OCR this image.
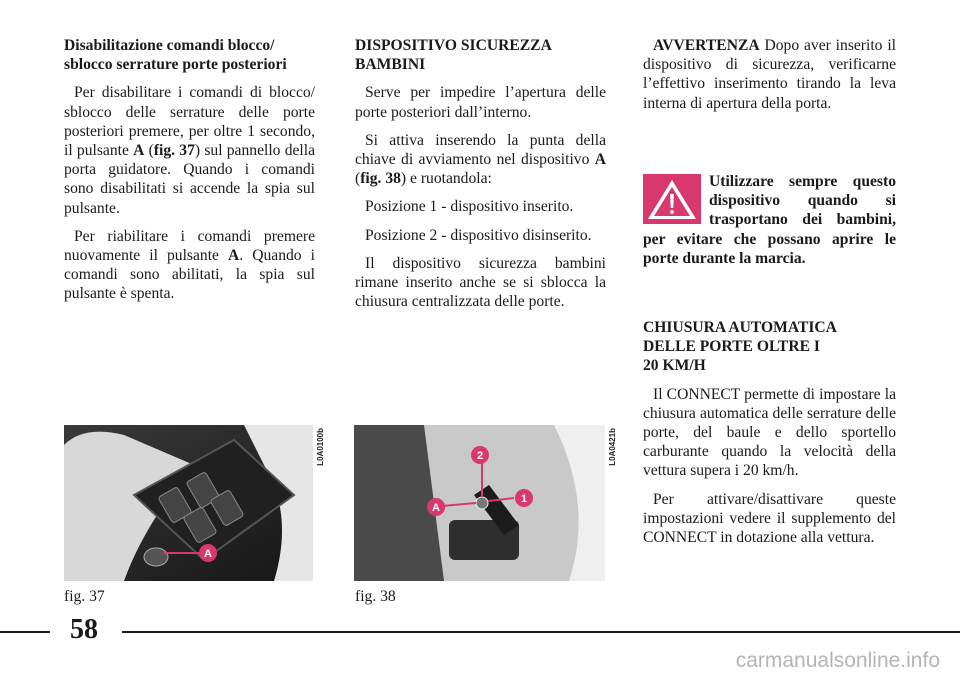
Disabilitazione comandi blocco/
sblocco serrature porte posteriori

Per disabilitare i comandi di blocco/ sblocco delle serrature delle porte posteriori premere, per oltre 1 secondo, il pulsante A (fig. 37) sul pannello della porta guidatore. Quando i comandi sono disabilitati si accende la spia sul pulsante.

Per riabilitare i comandi premere nuovamente il pulsante A. Quando i comandi sono abilitati, la spia sul pulsante è spenta.

DISPOSITIVO SICUREZZA
BAMBINI

Serve per impedire l’apertura delle porte posteriori dall’interno.

Si attiva inserendo la punta della chiave di avviamento nel dispositivo A (fig. 38) e ruotandola:

Posizione 1 - dispositivo inserito.

Posizione 2 - dispositivo disinserito.

Il dispositivo sicurezza bambini rimane inserito anche se si sblocca la chiusura centralizzata delle porte.

AVVERTENZA Dopo aver inserito il dispositivo di sicurezza, verificarne l’effettivo inserimento tirando la leva interna di apertura della porta.

Utilizzare sempre questo dispositivo quando si trasportano dei bambini, per evitare che possano aprire le porte durante la marcia.

CHIUSURA AUTOMATICA
DELLE PORTE OLTRE I
20 KM/H

Il CONNECT permette di impostare la chiusura automatica delle serrature delle porte, del baule e dello sportello carburante quando la velocità della vettura supera i 20 km/h.

Per attivare/disattivare queste impostazioni vedere il supplemento del CONNECT in dotazione alla vettura.

A
L0A0100b
fig. 37
A
1
2	L0A0421b
fig. 38
58
carmanualsonline.info
